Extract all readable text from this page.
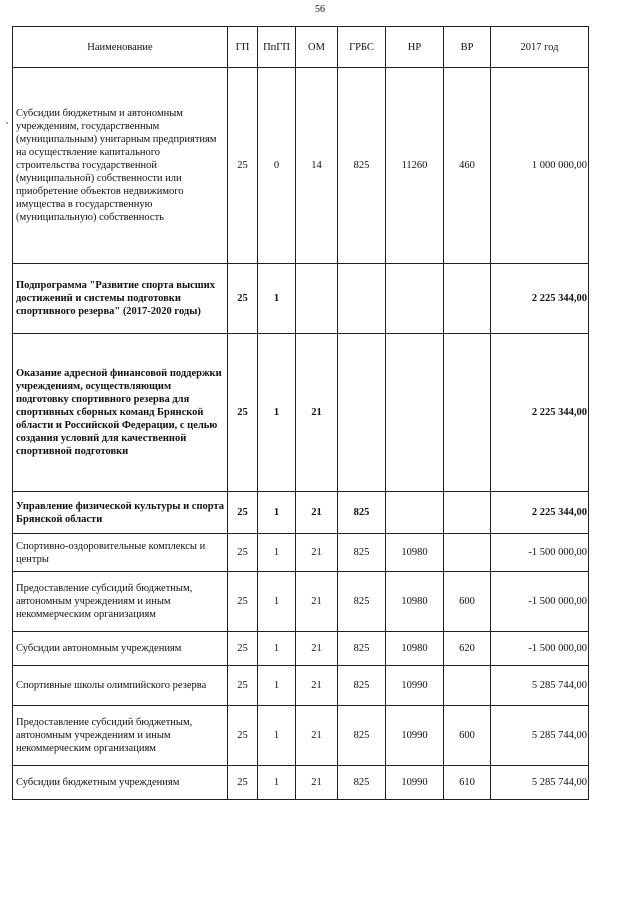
56
Наименование	ГП	ПпГП	ОМ	ГРБС	НР	ВР	2017 год
Субсидии бюджетным и автономным учреждениям, государственным (муниципальным) унитарным предприятиям на осуществление капитального строительства государственной (муниципальной) собственности или приобретение объектов недвижимого имущества в государственную (муниципальную) собственность	25	0	14	825	11260	460	1 000 000,00
Подпрограмма "Развитие спорта высших достижений и системы подготовки спортивного резерва" (2017-2020 годы)	25	1					2 225 344,00
Оказание адресной финансовой поддержки учреждениям, осуществляющим подготовку спортивного резерва для спортивных сборных команд Брянской области и Российской Федерации, с целью создания условий для качественной спортивной подготовки	25	1	21				2 225 344,00
Управление физической культуры и спорта Брянской области	25	1	21	825			2 225 344,00
Спортивно-оздоровительные комплексы и центры	25	1	21	825	10980		-1 500 000,00
Предоставление субсидий бюджетным, автономным учреждениям и иным некоммерческим организациям	25	1	21	825	10980	600	-1 500 000,00
Субсидии автономным учреждениям	25	1	21	825	10980	620	-1 500 000,00
Спортивные школы олимпийского резерва	25	1	21	825	10990		5 285 744,00
Предоставление субсидий бюджетным, автономным учреждениям и иным некоммерческим организациям	25	1	21	825	10990	600	5 285 744,00
Субсидии бюджетным учреждениям	25	1	21	825	10990	610	5 285 744,00
